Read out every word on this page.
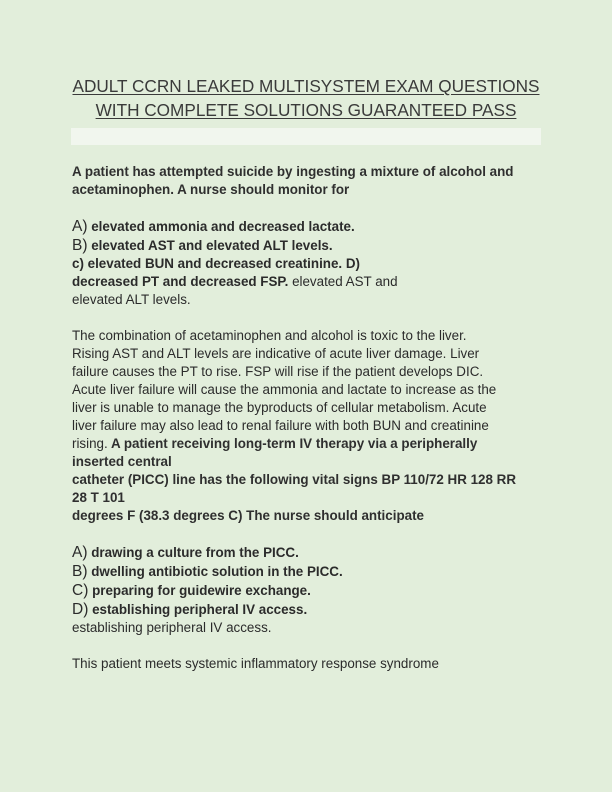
ADULT CCRN LEAKED MULTISYSTEM EXAM QUESTIONS
WITH COMPLETE SOLUTIONS GUARANTEED PASS
A patient has attempted suicide by ingesting a mixture of alcohol and
acetaminophen. A nurse should monitor for
A) elevated ammonia and decreased lactate.
B) elevated AST and elevated ALT levels.
c) elevated BUN and decreased creatinine. D)
decreased PT and decreased FSP. elevated AST and
elevated ALT levels.
The combination of acetaminophen and alcohol is toxic to the liver.
Rising AST and ALT levels are indicative of acute liver damage. Liver
failure causes the PT to rise. FSP will rise if the patient develops DIC.
Acute liver failure will cause the ammonia and lactate to increase as the
liver is unable to manage the byproducts of cellular metabolism. Acute
liver failure may also lead to renal failure with both BUN and creatinine
rising. A patient receiving long-term IV therapy via a peripherally
inserted central
catheter (PICC) line has the following vital signs BP 110/72 HR 128 RR
28 T 101
degrees F (38.3 degrees C) The nurse should anticipate
A) drawing a culture from the PICC.
B) dwelling antibiotic solution in the PICC.
C) preparing for guidewire exchange.
D) establishing peripheral IV access.
establishing peripheral IV access.
This patient meets systemic inflammatory response syndrome
